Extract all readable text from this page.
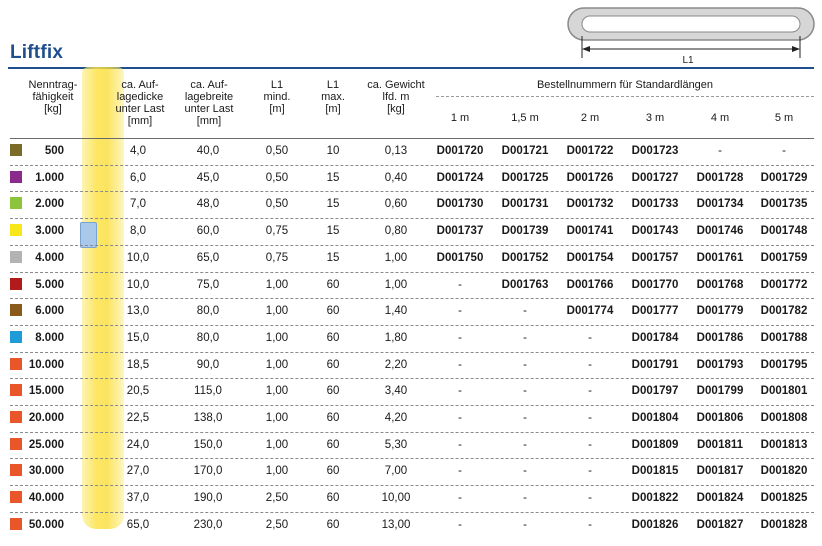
L1
Liftfix
Nenntrag-
fähigkeit
[kg]
ca. Auf-
lagedicke
unter Last
[mm]
ca. Auf-
lagebreite
unter Last
[mm]
L1
mind.
[m]
L1
max.
[m]
ca. Gewicht
lfd. m
[kg]
Bestellnummern für Standardlängen
1 m	1,5 m	2 m	3 m	4 m	5 m
500	4,0	40,0	0,50	10	0,13	D001720	D001721	D001722	D001723	-	-
1.000	6,0	45,0	0,50	15	0,40	D001724	D001725	D001726	D001727	D001728	D001729
2.000	7,0	48,0	0,50	15	0,60	D001730	D001731	D001732	D001733	D001734	D001735
3.000	8,0	60,0	0,75	15	0,80	D001737	D001739	D001741	D001743	D001746	D001748
4.000	10,0	65,0	0,75	15	1,00	D001750	D001752	D001754	D001757	D001761	D001759
5.000	10,0	75,0	1,00	60	1,00	-	D001763	D001766	D001770	D001768	D001772
6.000	13,0	80,0	1,00	60	1,40	-	-	D001774	D001777	D001779	D001782
8.000	15,0	80,0	1,00	60	1,80	-	-	-	D001784	D001786	D001788
10.000	18,5	90,0	1,00	60	2,20	-	-	-	D001791	D001793	D001795
15.000	20,5	115,0	1,00	60	3,40	-	-	-	D001797	D001799	D001801
20.000	22,5	138,0	1,00	60	4,20	-	-	-	D001804	D001806	D001808
25.000	24,0	150,0	1,00	60	5,30	-	-	-	D001809	D001811	D001813
30.000	27,0	170,0	1,00	60	7,00	-	-	-	D001815	D001817	D001820
40.000	37,0	190,0	2,50	60	10,00	-	-	-	D001822	D001824	D001825
50.000	65,0	230,0	2,50	60	13,00	-	-	-	D001826	D001827	D001828
